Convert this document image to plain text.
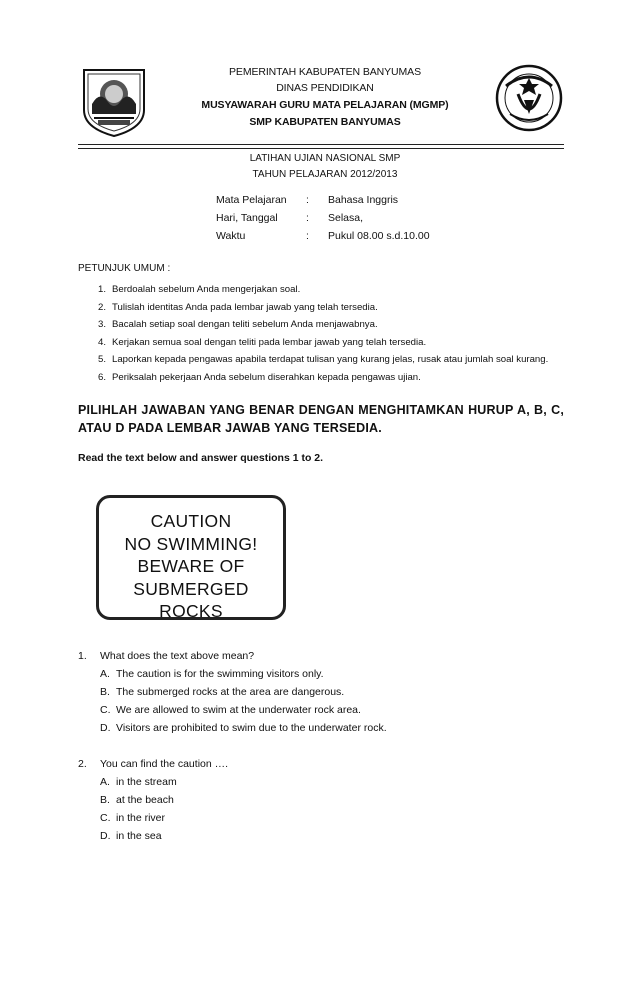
PEMERINTAH KABUPATEN BANYUMAS
DINAS PENDIDIKAN
MUSYAWARAH GURU MATA PELAJARAN (MGMP)
SMP KABUPATEN BANYUMAS
LATIHAN UJIAN NASIONAL SMP
TAHUN PELAJARAN 2012/2013
Mata Pelajaran : Bahasa Inggris
Hari, Tanggal	: Selasa,
Waktu	: Pukul 08.00 s.d.10.00
PETUNJUK UMUM :
1. Berdoalah sebelum Anda mengerjakan soal.
2. Tulislah identitas Anda pada lembar jawab yang telah tersedia.
3. Bacalah setiap soal dengan teliti sebelum Anda menjawabnya.
4. Kerjakan semua soal dengan teliti pada lembar jawab yang telah tersedia.
5. Laporkan kepada pengawas apabila terdapat tulisan yang kurang jelas, rusak atau jumlah soal kurang.
6. Periksalah pekerjaan Anda sebelum diserahkan kepada pengawas ujian.
PILIHLAH JAWABAN YANG BENAR DENGAN MENGHITAMKAN HURUP A, B, C, ATAU D PADA LEMBAR JAWAB YANG TERSEDIA.
Read the text below and answer questions 1 to 2.
CAUTION
NO SWIMMING!
BEWARE OF
SUBMERGED
ROCKS
1. What does the text above mean?
A. The caution is for the swimming visitors only.
B. The submerged rocks at the area are dangerous.
C. We are allowed to swim at the underwater rock area.
D. Visitors are prohibited to swim due to the underwater rock.
2. You can find the caution ….
A. in the stream
B. at the beach
C. in the river
D. in the sea
